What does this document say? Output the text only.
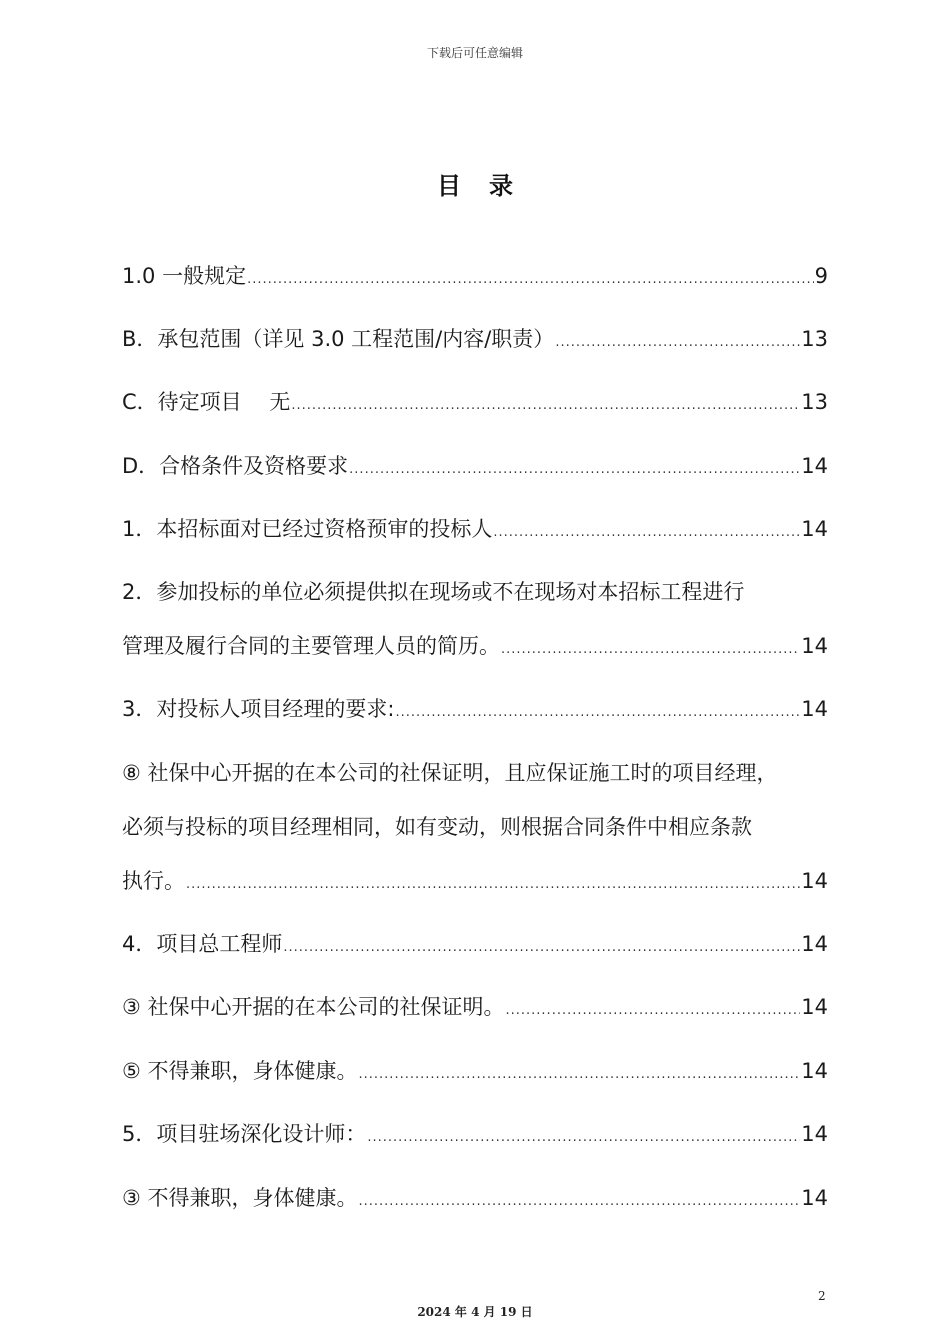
下载后可任意编辑
目录
1.0 一般规定 .....	9
B．承包范围（详见 3.0 工程范围/内容/职责） .....	13
C．待定项目　 无 .....	13
D．合格条件及资格要求 .....	14
1．本招标面对已经过资格预审的投标人 .....	14
2．参加投标的单位必须提供拟在现场或不在现场对本招标工程进行
管理及履行合同的主要管理人员的简历。 .....	14
3．对投标人项目经理的要求: .....	14
⑧ 社保中心开据的在本公司的社保证明，且应保证施工时的项目经理，
必须与投标的项目经理相同，如有变动，则根据合同条件中相应条款
执行。 .....	14
4．项目总工程师 .....	14
③ 社保中心开据的在本公司的社保证明。 .....	14
⑤ 不得兼职，身体健康。 .....	14
5．项目驻场深化设计师： .....	14
③ 不得兼职，身体健康。 .....	14
2
2024 年 4 月 19 日
